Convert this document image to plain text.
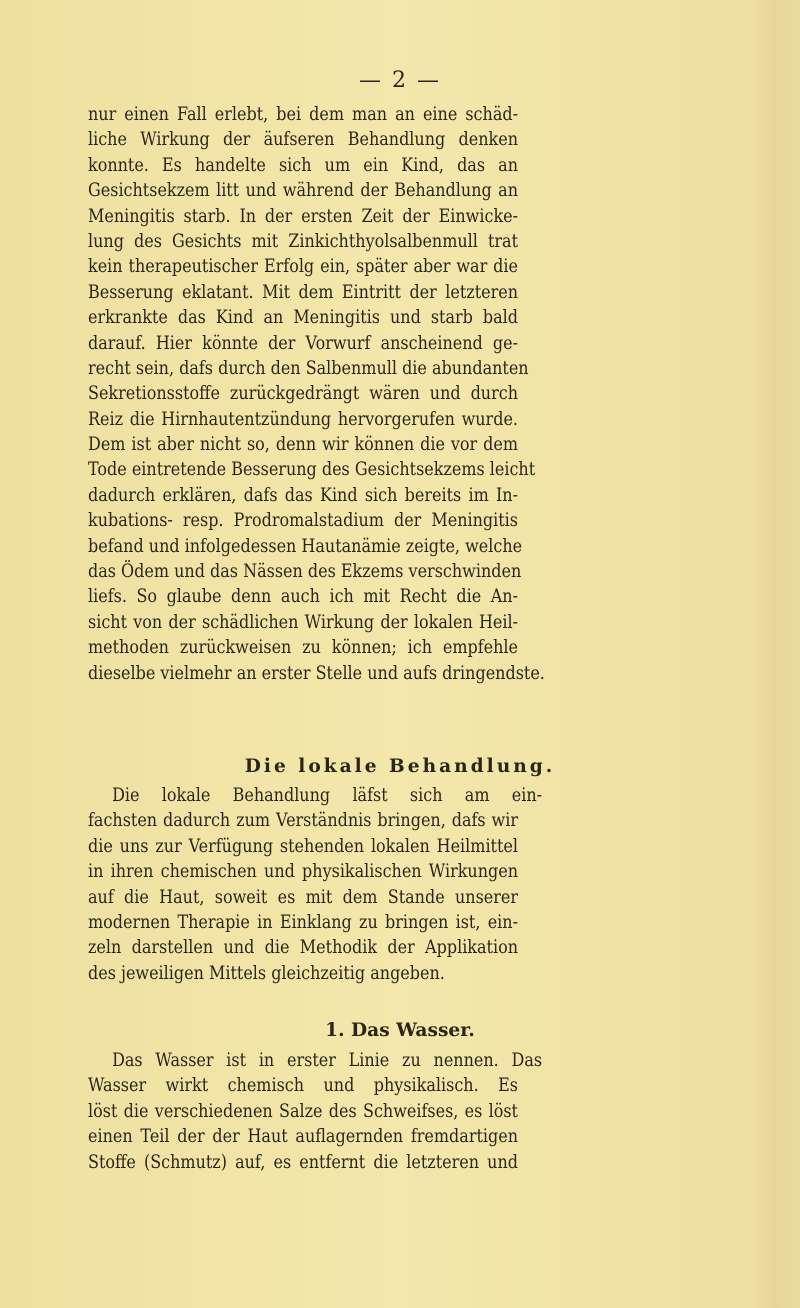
— 2 —
nur einen Fall erlebt, bei dem man an eine schäd-
liche Wirkung der äufseren Behandlung denken
konnte. Es handelte sich um ein Kind, das an
Gesichtsekzem litt und während der Behandlung an
Meningitis starb. In der ersten Zeit der Einwicke-
lung des Gesichts mit Zinkichthyolsalbenmull trat
kein therapeutischer Erfolg ein, später aber war die
Besserung eklatant. Mit dem Eintritt der letzteren
erkrankte das Kind an Meningitis und starb bald
darauf. Hier könnte der Vorwurf anscheinend ge-
recht sein, dafs durch den Salbenmull die abundanten
Sekretionsstoffe zurückgedrängt wären und durch
Reiz die Hirnhautentzündung hervorgerufen wurde.
Dem ist aber nicht so, denn wir können die vor dem
Tode eintretende Besserung des Gesichtsekzems leicht
dadurch erklären, dafs das Kind sich bereits im In-
kubations- resp. Prodromalstadium der Meningitis
befand und infolgedessen Hautanämie zeigte, welche
das Ödem und das Nässen des Ekzems verschwinden
liefs. So glaube denn auch ich mit Recht die An-
sicht von der schädlichen Wirkung der lokalen Heil-
methoden zurückweisen zu können; ich empfehle
dieselbe vielmehr an erster Stelle und aufs dringendste.
Die lokale Behandlung.
Die lokale Behandlung läfst sich am ein-
fachsten dadurch zum Verständnis bringen, dafs wir
die uns zur Verfügung stehenden lokalen Heilmittel
in ihren chemischen und physikalischen Wirkungen
auf die Haut, soweit es mit dem Stande unserer
modernen Therapie in Einklang zu bringen ist, ein-
zeln darstellen und die Methodik der Applikation
des jeweiligen Mittels gleichzeitig angeben.
1. Das Wasser.
Das Wasser ist in erster Linie zu nennen. Das
Wasser wirkt chemisch und physikalisch. Es
löst die verschiedenen Salze des Schweifses, es löst
einen Teil der der Haut auflagernden fremdartigen
Stoffe (Schmutz) auf, es entfernt die letzteren und
